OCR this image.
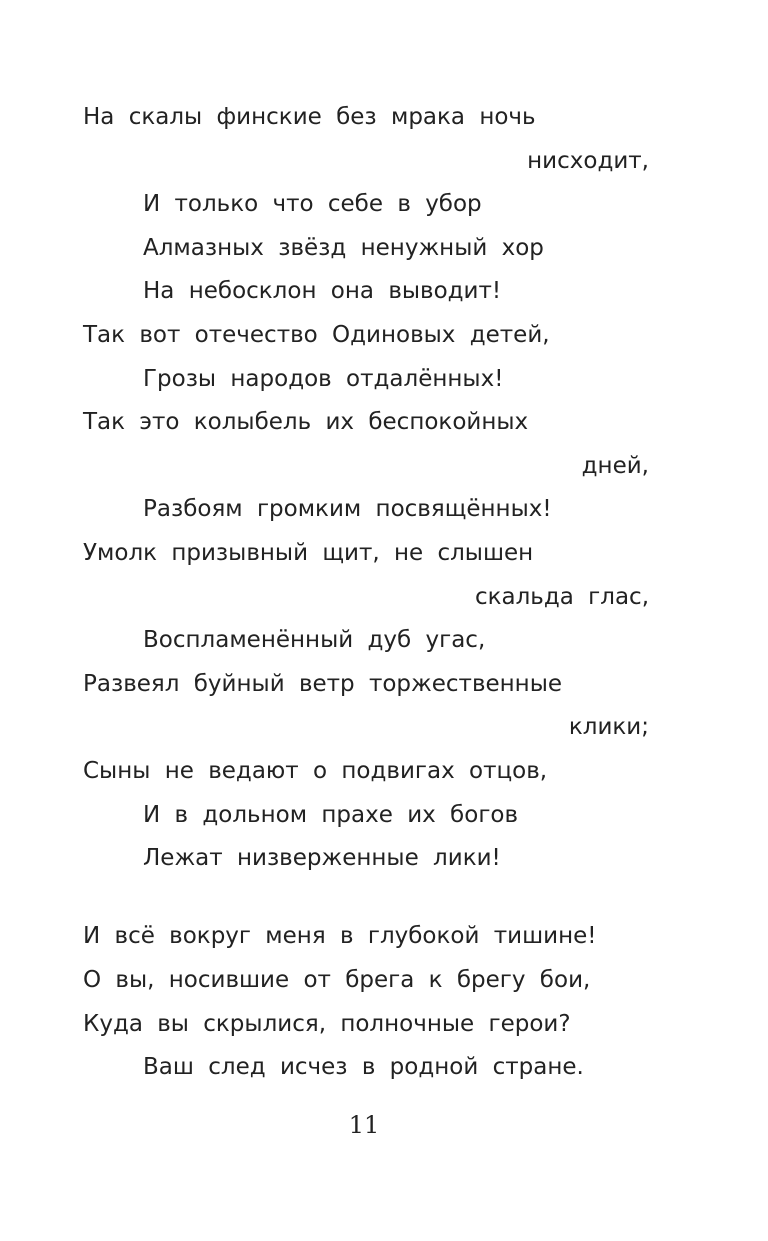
На скалы финские без мрака ночь
нисходит,
И только что себе в убор
Алмазных звёзд ненужный хор
На небосклон она выводит!
Так вот отечество Одиновых детей,
Грозы народов отдалённых!
Так это колыбель их беспокойных
дней,
Разбоям громким посвящённых!
Умолк призывный щит, не слышен
скальда глас,
Воспламенённый дуб угас,
Развеял буйный ветр торжественные
клики;
Сыны не ведают о подвигах отцов,
И в дольном прахе их богов
Лежат низверженные лики!
И всё вокруг меня в глубокой тишине!
О вы, носившие от брега к брегу бои,
Куда вы скрылися, полночные герои?
Ваш след исчез в родной стране.
11
